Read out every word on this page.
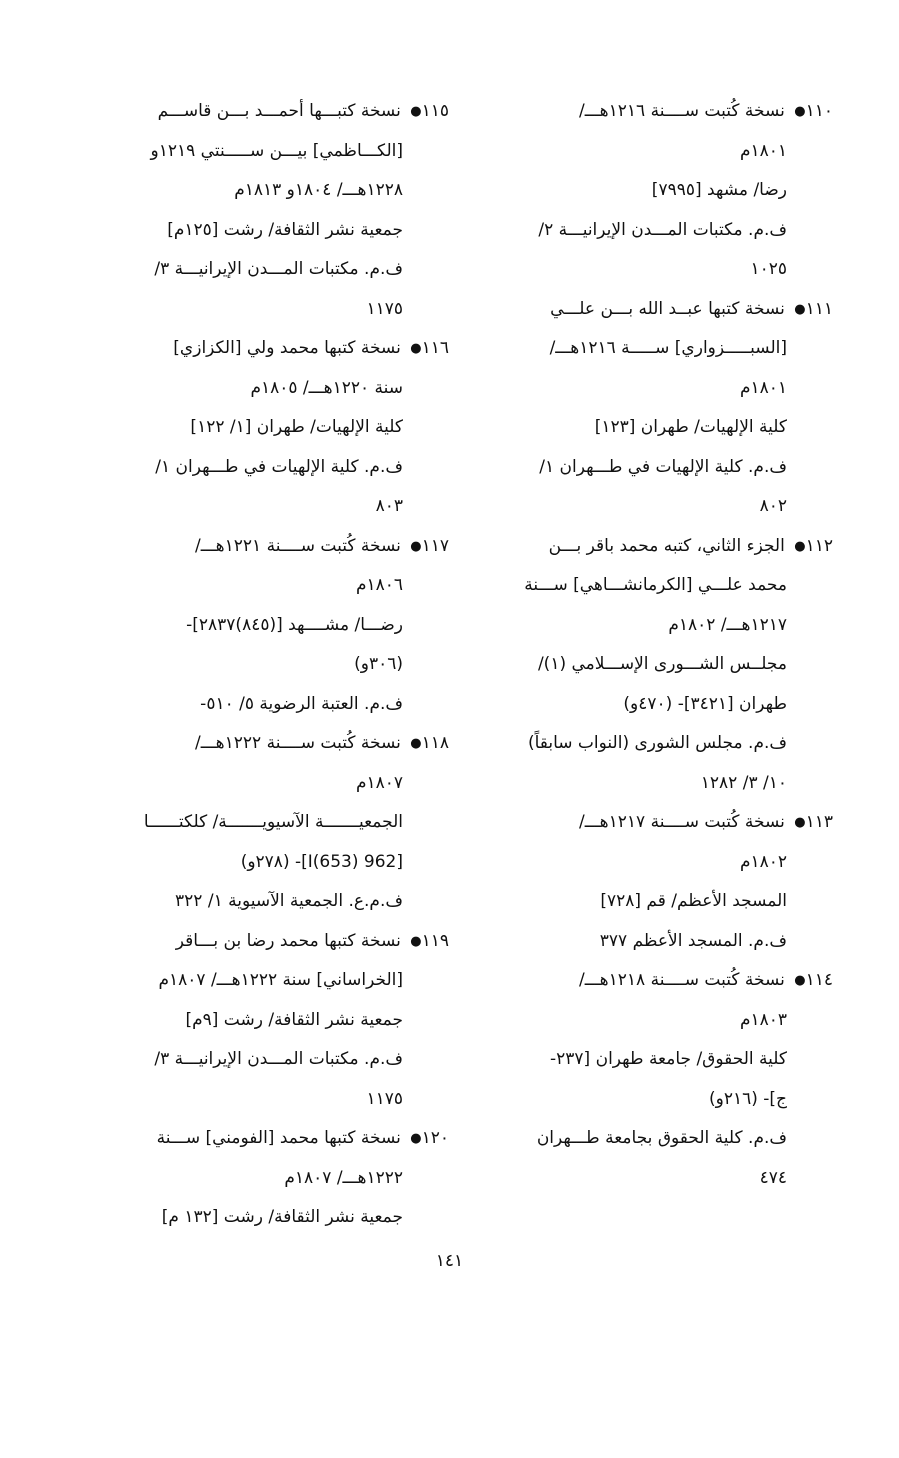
١١٠● نسخة كُتبت ســــنة ١٢١٦هـــ/
١٨٠١م
رضا/ مشهد [٧٩٩٥]
ف.م. مكتبات المـــدن الإيرانيـــة ٢/
١٠٢٥
١١١● نسخة كتبها عبــد الله بـــن علـــي
[السبـــــزواري] ســـــة ١٢١٦هـــ/
١٨٠١م
كلية الإلهيات/ طهران [١٢٣]
ف.م. كلية الإلهيات في طـــهران ١/
٨٠٢
١١٢● الجزء الثاني، كتبه محمد باقر بـــن
محمد علـــي [الكرمانشـــاهي] ســـنة
١٢١٧هـــ/ ١٨٠٢م
مجلــس الشـــورى الإســـلامي (١)/
طهران [٣٤٢١]- (٤٧٠و)
ف.م. مجلس الشورى (النواب سابقاً)
١٠/ ٣/ ١٢٨٢
١١٣● نسخة كُتبت ســــنة ١٢١٧هـــ/
١٨٠٢م
المسجد الأعظم/ قم [٧٢٨]
ف.م. المسجد الأعظم ٣٧٧
١١٤● نسخة كُتبت ســــنة ١٢١٨هـــ/
١٨٠٣م
كلية الحقوق/ جامعة طهران [٢٣٧-
ج]- (٢١٦و)
ف.م. كلية الحقوق بجامعة طـــهران
٤٧٤
١١٥● نسخة كتبـــها أحمـــد بـــن قاســـم
[الكـــاظمي] بيـــن ســـــنتي ١٢١٩و
١٢٢٨هـــ/ ١٨٠٤و ١٨١٣م
جمعية نشر الثقافة/ رشت [١٢٥م]
ف.م. مكتبات المـــدن الإيرانيـــة ٣/
١١٧٥
١١٦● نسخة كتبها محمد ولي [الكزازي]
سنة ١٢٢٠هـــ/ ١٨٠٥م
كلية الإلهيات/ طهران [١/ ١٢٢]
ف.م. كلية الإلهيات في طـــهران ١/
٨٠٣
١١٧● نسخة كُتبت ســــنة ١٢٢١هـــ/
١٨٠٦م
رضـــا/ مشــــهد [(٨٤٥)٢٨٣٧]-
(٣٠٦و)
ف.م. العتبة الرضوية ٥/ ٥١٠-
١١٨● نسخة كُتبت ســــنة ١٢٢٢هـــ/
١٨٠٧م
الجمعيـــــــة الآسيويـــــــة/ كلكتــــــا
[962 I(653)]- (٢٧٨و)
ف.م.ع. الجمعية الآسيوية ١/ ٣٢٢
١١٩● نسخة كتبها محمد رضا بن بـــاقر
[الخراساني] سنة ١٢٢٢هـــ/ ١٨٠٧م
جمعية نشر الثقافة/ رشت [٩م]
ف.م. مكتبات المـــدن الإيرانيـــة ٣/
١١٧٥
١٢٠● نسخة كتبها محمد [الفومني] ســـنة
١٢٢٢هـــ/ ١٨٠٧م
جمعية نشر الثقافة/ رشت [١٣٢ م]
١٤١
